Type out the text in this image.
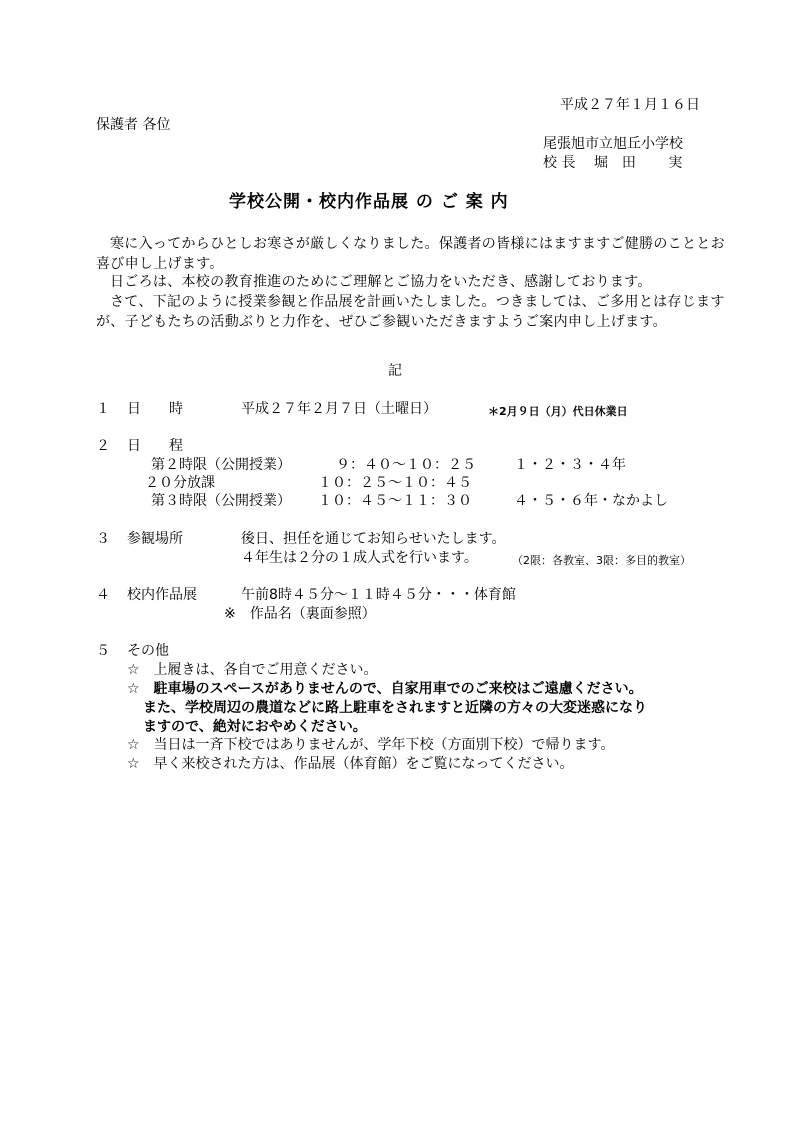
平成２７年１月１６日
保護者 各位
尾張旭市立旭丘小学校
校 長　 堀　田　　 実
学校公開・校内作品展 の ご 案 内
寒に入ってからひとしお寒さが厳しくなりました。保護者の皆様にはますますご健勝のこととお喜び申し上げます。
日ごろは、本校の教育推進のためにご理解とご協力をいただき、感謝しております。
さて、下記のように授業参観と作品展を計画いたしました。つきましては、ご多用とは存じますが、子どもたちの活動ぶりと力作を、ぜひご参観いただきますようご案内申し上げます。
記
１ 日　　時	平成２７年２月７日（土曜日）	＊2月９日（月）代日休業日
２ 日　　程
第２時限（公開授業）	９：４０～１０：２５	１・２・３・４年
２０分放課	１０：２５～１０：４５
第３時限（公開授業） １０：４５～１１：３０	４・５・６年・なかよし
３ 参観場所	後日、担任を通じてお知らせいたします。
４年生は２分の１成人式を行います。	（2限：各教室、3限：多目的教室）
４ 校内作品展	午前8時４５分～１１時４５分・・・体育館
※　作品名（裏面参照）
５ その他
☆　上履きは、各自でご用意ください。
☆　駐車場のスペースがありませんので、自家用車でのご来校はご遠慮ください。
また、学校周辺の農道などに路上駐車をされますと近隣の方々の大変迷惑になり
ますので、絶対におやめください。
☆　当日は一斉下校ではありませんが、学年下校（方面別下校）で帰ります。
☆　早く来校された方は、作品展（体育館）をご覧になってください。
